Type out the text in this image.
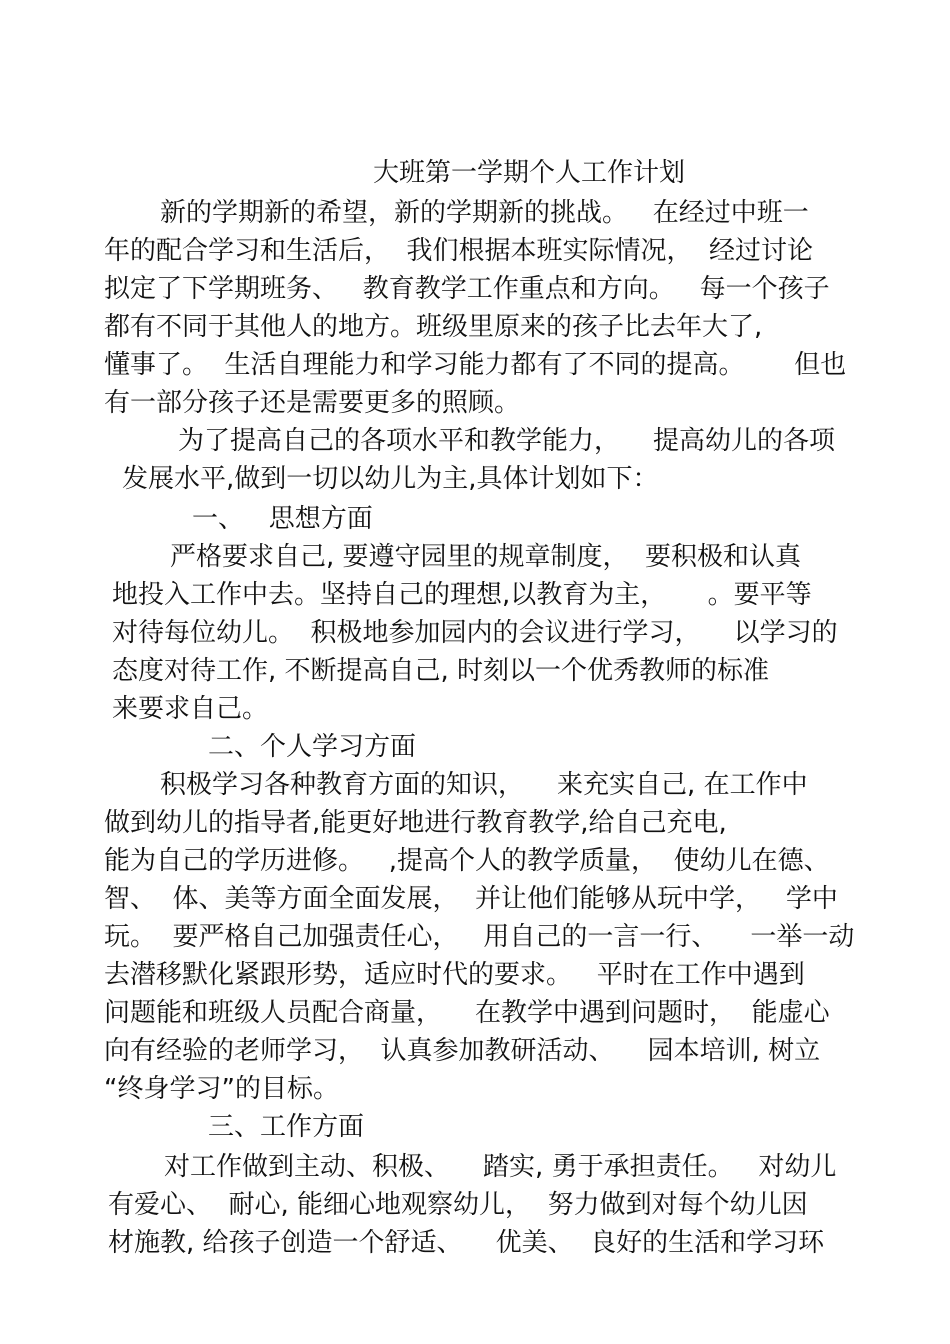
大班第一学期个人工作计划
新的学期新的希望，新的学期新的挑战。   在经过中班一
年的配合学习和生活后，  我们根据本班实际情况，  经过讨论
拟定了下学期班务、   教育教学工作重点和方向。   每一个孩子
都有不同于其他人的地方。班级里原来的孩子比去年大了,
懂事了。  生活自理能力和学习能力都有了不同的提高。      但也
有一部分孩子还是需要更多的照顾。
为了提高自己的各项水平和教学能力，    提高幼儿的各项
发展水平,做到一切以幼儿为主,具体计划如下：
一、   思想方面
严格要求自己, 要遵守园里的规章制度，  要积极和认真
地投入工作中去。坚持自己的理想,以教育为主，     。要平等
对待每位幼儿。  积极地参加园内的会议进行学习，    以学习的
态度对待工作, 不断提高自己, 时刻以一个优秀教师的标准
来要求自己。
二、个人学习方面
积极学习各种教育方面的知识，    来充实自己, 在工作中
做到幼儿的指导者,能更好地进行教育教学,给自己充电,
能为自己的学历进修。   ,提高个人的教学质量，  使幼儿在德、
智、  体、美等方面全面发展，  并让他们能够从玩中学，   学中
玩。  要严格自己加强责任心，   用自己的一言一行、    一举一动
去潜移默化紧跟形势，适应时代的要求。   平时在工作中遇到
问题能和班级人员配合商量，    在教学中遇到问题时，  能虚心
向有经验的老师学习，  认真参加教研活动、    园本培训, 树立
“终身学习”的目标。
三、工作方面
对工作做到主动、积极、    踏实, 勇于承担责任。   对幼儿
有爱心、  耐心, 能细心地观察幼儿，  努力做到对每个幼儿因
材施教, 给孩子创造一个舒适、    优美、  良好的生活和学习环
